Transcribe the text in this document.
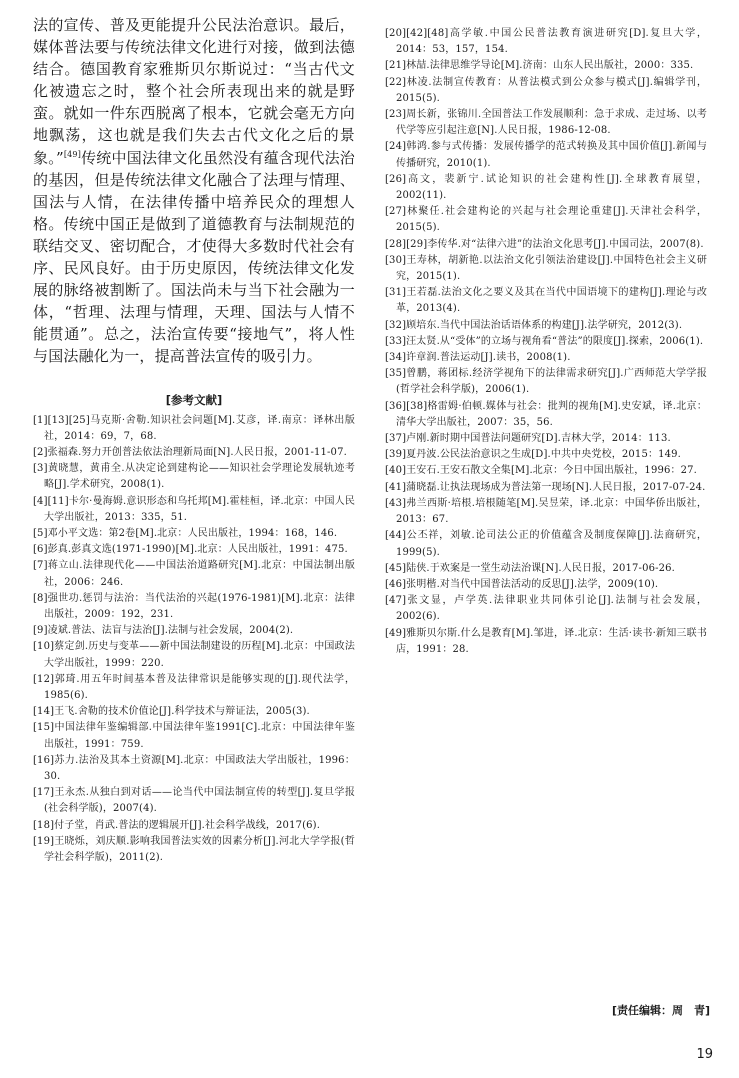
法的宣传、普及更能提升公民法治意识。最后，媒体普法要与传统法律文化进行对接，做到法德结合。德国教育家雅斯贝尔斯说过：“当古代文化被遗忘之时，整个社会所表现出来的就是野蛮。就如一件东西脱离了根本，它就会毫无方向地飘荡，这也就是我们失去古代文化之后的景象。”[49]传统中国法律文化虽然没有蕴含现代法治的基因，但是传统法律文化融合了法理与情理、国法与人情，在法律传播中培养民众的理想人格。传统中国正是做到了道德教育与法制规范的联结交叉、密切配合，才使得大多数时代社会有序、民风良好。由于历史原因，传统法律文化发展的脉络被割断了。国法尚未与当下社会融为一体，“哲理、法理与情理，天理、国法与人情不能贯通”。总之，法治宣传要“接地气”，将人性与国法融化为一，提高普法宣传的吸引力。

[参考文献]
[1][13][25]马克斯·舍勒.知识社会问题[M].艾彦，译.南京：译林出版社，2014：69，7，68.
[2]张福森.努力开创普法依法治理新局面[N].人民日报，2001-11-07.
[3]黄晓慧，黄甫全.从决定论到建构论——知识社会学理论发展轨迹考略[J].学术研究，2008(1).
[4][11]卡尔·曼海姆.意识形态和乌托邦[M].霍桂桓，译.北京：中国人民大学出版社，2013：335，51.
[5]邓小平文选：第2卷[M].北京：人民出版社，1994：168，146.
[6]彭真.彭真文选(1971-1990)[M].北京：人民出版社，1991：475.
[7]蒋立山.法律现代化——中国法治道路研究[M].北京：中国法制出版社，2006：246.
[8]强世功.惩罚与法治：当代法治的兴起(1976-1981)[M].北京：法律出版社，2009：192，231.
[9]凌斌.普法、法盲与法治[J].法制与社会发展，2004(2).
[10]蔡定剑.历史与变革——新中国法制建设的历程[M].北京：中国政法大学出版社，1999：220.
[12]郭琦.用五年时间基本普及法律常识是能够实现的[J].现代法学，1985(6).
[14]王飞.舍勒的技术价值论[J].科学技术与辩证法，2005(3).
[15]中国法律年鉴编辑部.中国法律年鉴1991[C].北京：中国法律年鉴出版社，1991：759.
[16]苏力.法治及其本土资源[M].北京：中国政法大学出版社，1996：30.
[17]王永杰.从独白到对话——论当代中国法制宣传的转型[J].复旦学报(社会科学版)，2007(4).
[18]付子堂，肖武.普法的逻辑展开[J].社会科学战线，2017(6).
[19]王晓烁，刘庆顺.影响我国普法实效的因素分析[J].河北大学学报(哲学社会科学版)，2011(2).
[20][42][48]高学敏.中国公民普法教育演进研究[D].复旦大学，2014：53，157，154.
[21]林喆.法律思维学导论[M].济南：山东人民出版社，2000：335.
[22]林凌.法制宣传教育：从普法模式到公众参与模式[J].编辑学刊，2015(5).
[23]周长新，张锦川.全国普法工作发展顺利：急于求成、走过场、以考代学等应引起注意[N].人民日报，1986-12-08.
[24]韩鸿.参与式传播：发展传播学的范式转换及其中国价值[J].新闻与传播研究，2010(1).
[26]高文，裴新宁.试论知识的社会建构性[J].全球教育展望，2002(11).
[27]林聚任.社会建构论的兴起与社会理论重建[J].天津社会科学，2015(5).
[28][29]李传华.对“法律六进”的法治文化思考[J].中国司法，2007(8).
[30]王寿林，胡新艳.以法治文化引领法治建设[J].中国特色社会主义研究，2015(1).
[31]王若磊.法治文化之要义及其在当代中国语境下的建构[J].理论与改革，2013(4).
[32]顾培东.当代中国法治话语体系的构建[J].法学研究，2012(3).
[33]汪太贤.从“受体”的立场与视角看“普法”的限度[J].探索，2006(1).
[34]许章润.普法运动[J].读书，2008(1).
[35]曾鹏，蒋团标.经济学视角下的法律需求研究[J].广西师范大学学报(哲学社会科学版)，2006(1).
[36][38]格雷姆·伯顿.媒体与社会：批判的视角[M].史安斌，译.北京：清华大学出版社，2007：35，56.
[37]卢刚.新时期中国普法问题研究[D].吉林大学，2014：113.
[39]夏丹波.公民法治意识之生成[D].中共中央党校，2015：149.
[40]王安石.王安石散文全集[M].北京：今日中国出版社，1996：27.
[41]蒲晓磊.让执法现场成为普法第一现场[N].人民日报，2017-07-24.
[43]弗兰西斯·培根.培根随笔[M].吴昱荣，译.北京：中国华侨出版社，2013：67.
[44]公丕祥，刘敏.论司法公正的价值蕴含及制度保障[J].法商研究，1999(5).
[45]陆侠.于欢案是一堂生动法治课[N].人民日报，2017-06-26.
[46]张明楷.对当代中国普法活动的反思[J].法学，2009(10).
[47]张文显，卢学英.法律职业共同体引论[J].法制与社会发展，2002(6).
[49]雅斯贝尔斯.什么是教育[M].邹进，译.北京：生活·读书·新知三联书店，1991：28.
[责任编辑：周　青]
19
